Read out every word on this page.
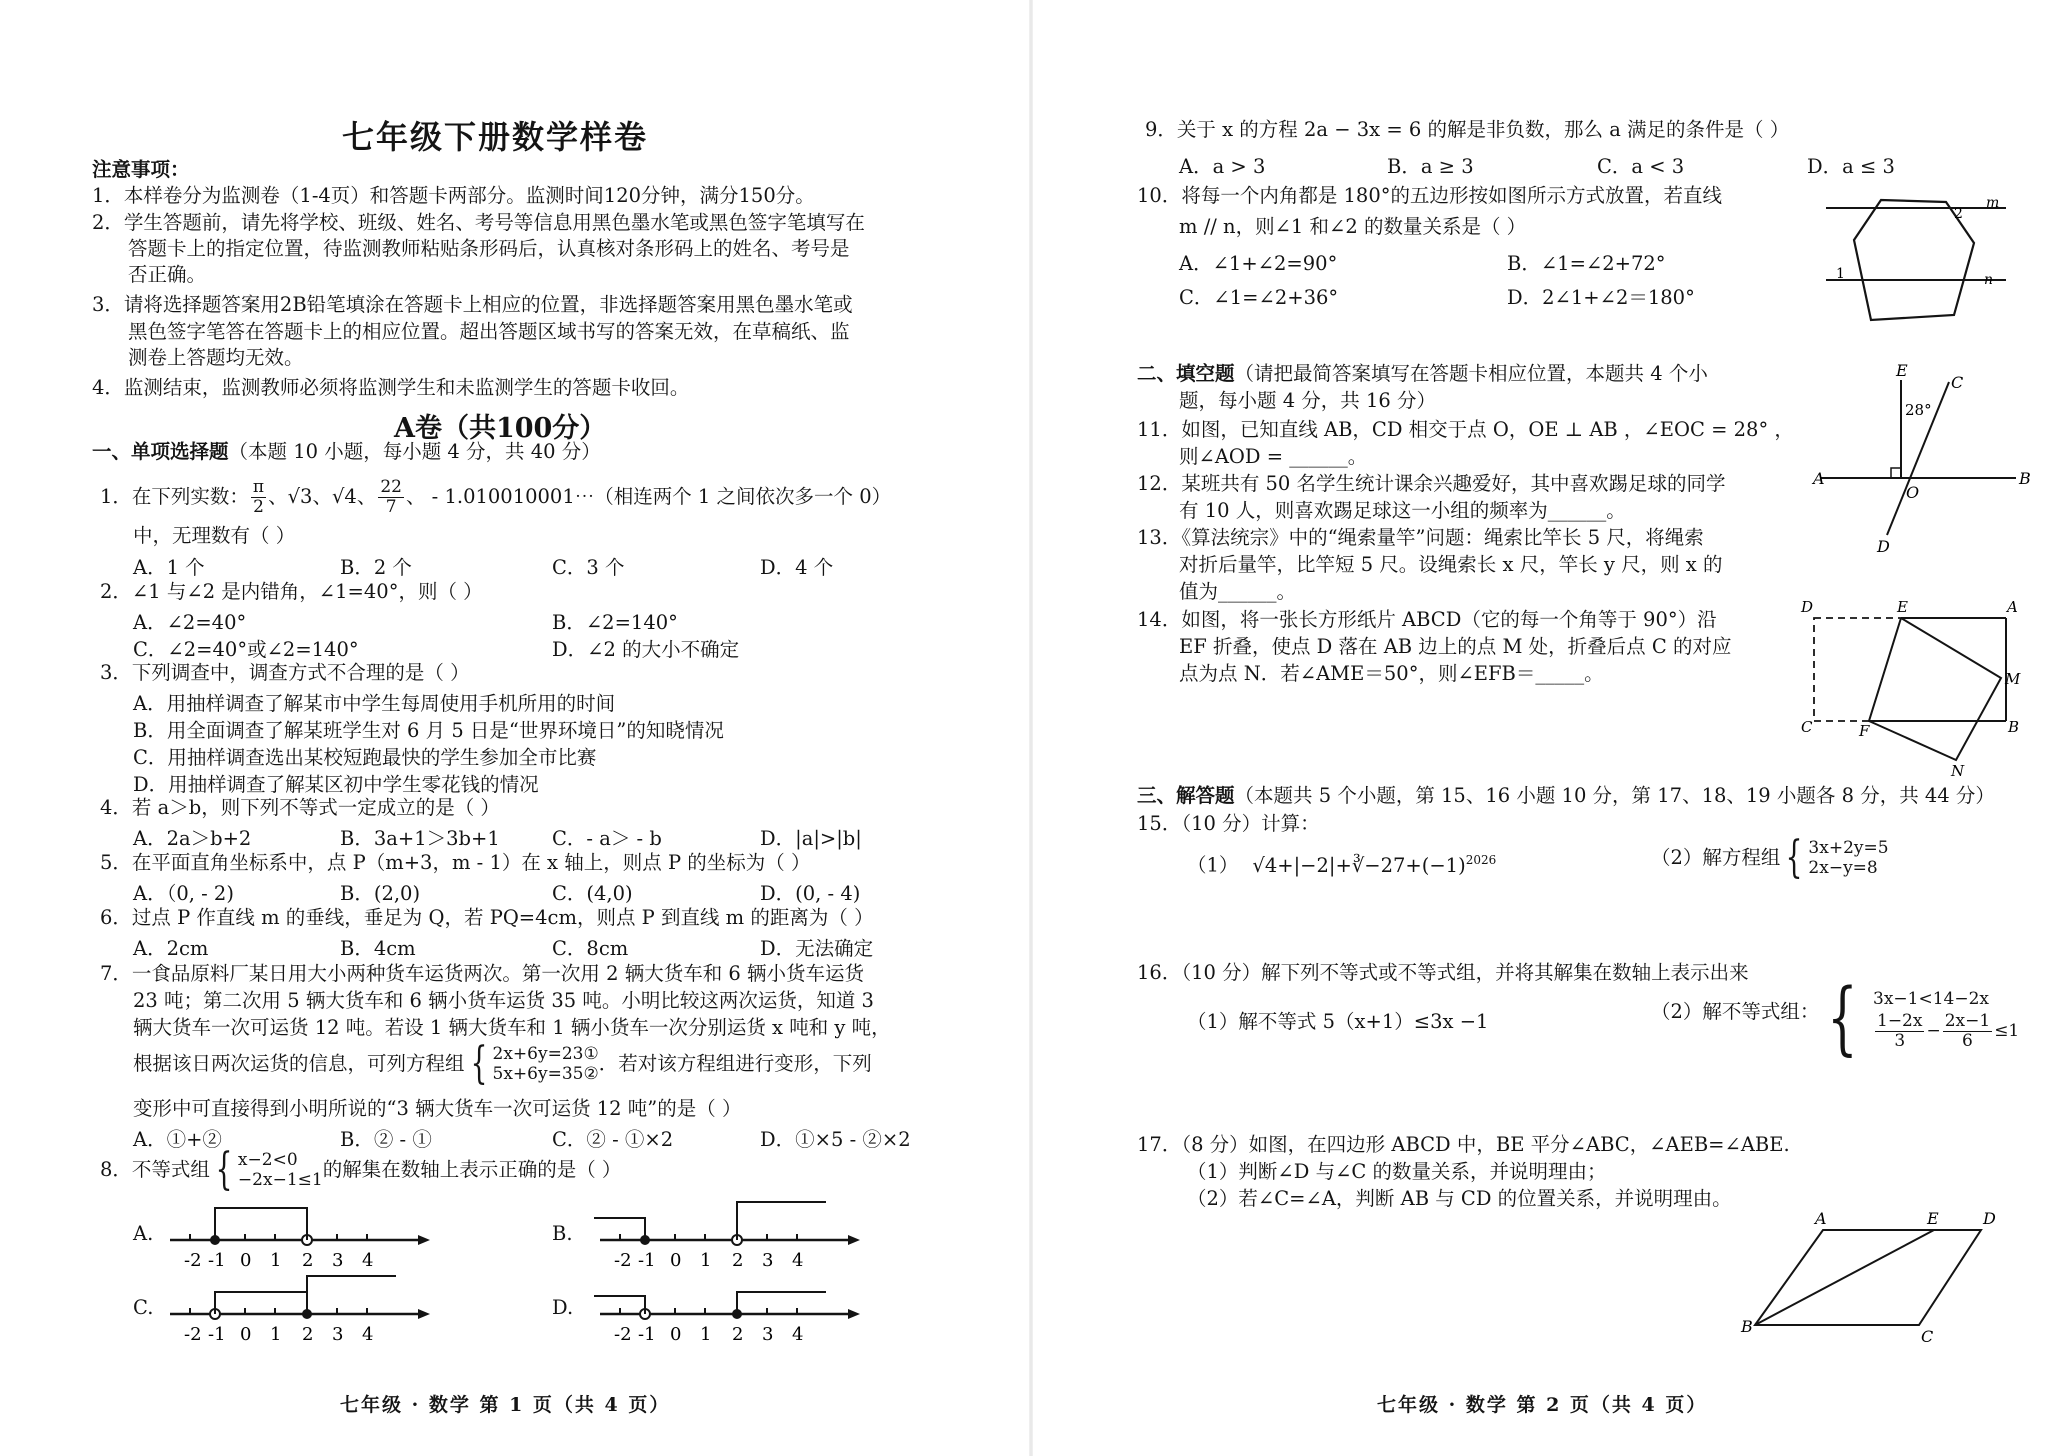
七年级下册数学样卷
注意事项：
1．本样卷分为监测卷（1-4页）和答题卡两部分。监测时间120分钟，满分150分。
2．学生答题前，请先将学校、班级、姓名、考号等信息用黑色墨水笔或黑色签字笔填写在
答题卡上的指定位置，待监测教师粘贴条形码后，认真核对条形码上的姓名、考号是
否正确。
3．请将选择题答案用2B铅笔填涂在答题卡上相应的位置，非选择题答案用黑色墨水笔或
黑色签字笔答在答题卡上的相应位置。超出答题区域书写的答案无效，在草稿纸、监
测卷上答题均无效。
4．监测结束，监测教师必须将监测学生和未监测学生的答题卡收回。
A卷（共100分）
一、单项选择题（本题 10 小题，每小题 4 分，共 40 分）
1．在下列实数： $\frac{\pi}{2}$ 、√3、√4、 $\frac{22}{7}$ 、 - 1.010010001⋯（相连两个 1 之间依次多一个 0）
中，无理数有（ ）
A．1 个	B．2 个	C．3 个	D．4 个
2．∠1 与∠2 是内错角，∠1=40°，则（ ）
A．∠2=40°	B．∠2=140°
C．∠2=40°或∠2=140°	D．∠2 的大小不确定
3．下列调查中，调查方式不合理的是（ ）
A．用抽样调查了解某市中学生每周使用手机所用的时间
B．用全面调查了解某班学生对 6 月 5 日是“世界环境日”的知晓情况
C．用抽样调查选出某校短跑最快的学生参加全市比赛
D．用抽样调查了解某区初中学生零花钱的情况
4．若 a＞b，则下列不等式一定成立的是（ ）
A．2a＞b+2	B．3a+1＞3b+1	C．- a＞ - b	D．|a|>|b|
5．在平面直角坐标系中，点 P（m+3，m - 1）在 x 轴上，则点 P 的坐标为（ ）
A．（0, - 2)	B．(2,0)	C．(4,0)	D．(0, - 4)
6．过点 P 作直线 m 的垂线，垂足为 Q，若 PQ=4cm，则点 P 到直线 m 的距离为（ ）
A．2cm	B．4cm	C．8cm	D．无法确定
7．一食品原料厂某日用大小两种货车运货两次。第一次用 2 辆大货车和 6 辆小货车运货
23 吨；第二次用 5 辆大货车和 6 辆小货车运货 35 吨。小明比较这两次运货，知道 3
辆大货车一次可运货 12 吨。若设 1 辆大货车和 1 辆小货车一次分别运货 x 吨和 y 吨，
根据该日两次运货的信息，可列方程组 { 2x+6y=23①
5x+6y=35② ．若对该方程组进行变形，下列
变形中可直接得到小明所说的“3 辆大货车一次可运货 12 吨”的是（ ）
A．①+②	B．② - ①	C．② - ①×2	D．①×5 - ②×2
8．不等式组 { x−2<0
−2x−1≤1 的解集在数轴上表示正确的是（ ）
A.
-2 -1 0 1 2 3 4
B.
-2 -1 0 1 2 3 4
C.
-2 -1 0 1 2 3 4
D.
-2 -1 0 1 2 3 4
七年级 · 数学 第 1 页（共 4 页）
9．关于 x 的方程 2a − 3x = 6 的解是非负数，那么 a 满足的条件是（ ）
A．a > 3	B．a ≥ 3	C．a < 3	D．a ≤ 3
10．将每一个内角都是 180°的五边形按如图所示方式放置，若直线
m // n，则∠1 和∠2 的数量关系是（ ）
A．∠1+∠2=90°	B．∠1=∠2+72°
C．∠1=∠2+36°	D．2∠1+∠2＝180°
m
n
2
1
二、填空题（请把最简答案填写在答题卡相应位置，本题共 4 个小
题，每小题 4 分，共 16 分）
11．如图，已知直线 AB，CD 相交于点 O，OE ⊥ AB ，∠EOC = 28° ，
则∠AOD = ______。
E
C
28°
A
O
B
D
12．某班共有 50 名学生统计课余兴趣爱好，其中喜欢踢足球的同学
有 10 人，则喜欢踢足球这一小组的频率为______。
13．《算法统宗》中的“绳索量竿”问题：绳索比竿长 5 尺，将绳索
对折后量竿，比竿短 5 尺。设绳索长 x 尺，竿长 y 尺，则 x 的
值为______。
14．如图，将一张长方形纸片 ABCD（它的每一个角等于 90°）沿
EF 折叠，使点 D 落在 AB 边上的点 M 处，折叠后点 C 的对应
点为点 N．若∠AME＝50°，则∠EFB＝_____。
D	E	A
M
C	F	B
N
三、解答题（本题共 5 个小题，第 15、16 小题 10 分，第 17、18、19 小题各 8 分，共 44 分）
15．（10 分）计算：
（1） $√4+|-2|+∛-27+(-1)^{2026}$	（2）解方程组 { 3x+2y=5
2x−y=8
16．（10 分）解下列不等式或不等式组，并将其解集在数轴上表示出来
（1）解不等式 5（x+1）≤3x −1	（2）解不等式组： { 3x−1<14−2x
$\frac{1-2x}{3} - \frac{2x-1}{6} \le 1$
17．（8 分）如图，在四边形 ABCD 中，BE 平分∠ABC，∠AEB=∠ABE.
（1）判断∠D 与∠C 的数量关系，并说明理由；
（2）若∠C=∠A，判断 AB 与 CD 的位置关系，并说明理由。
A	E	D
B
C
七年级 · 数学 第 2 页（共 4 页）
